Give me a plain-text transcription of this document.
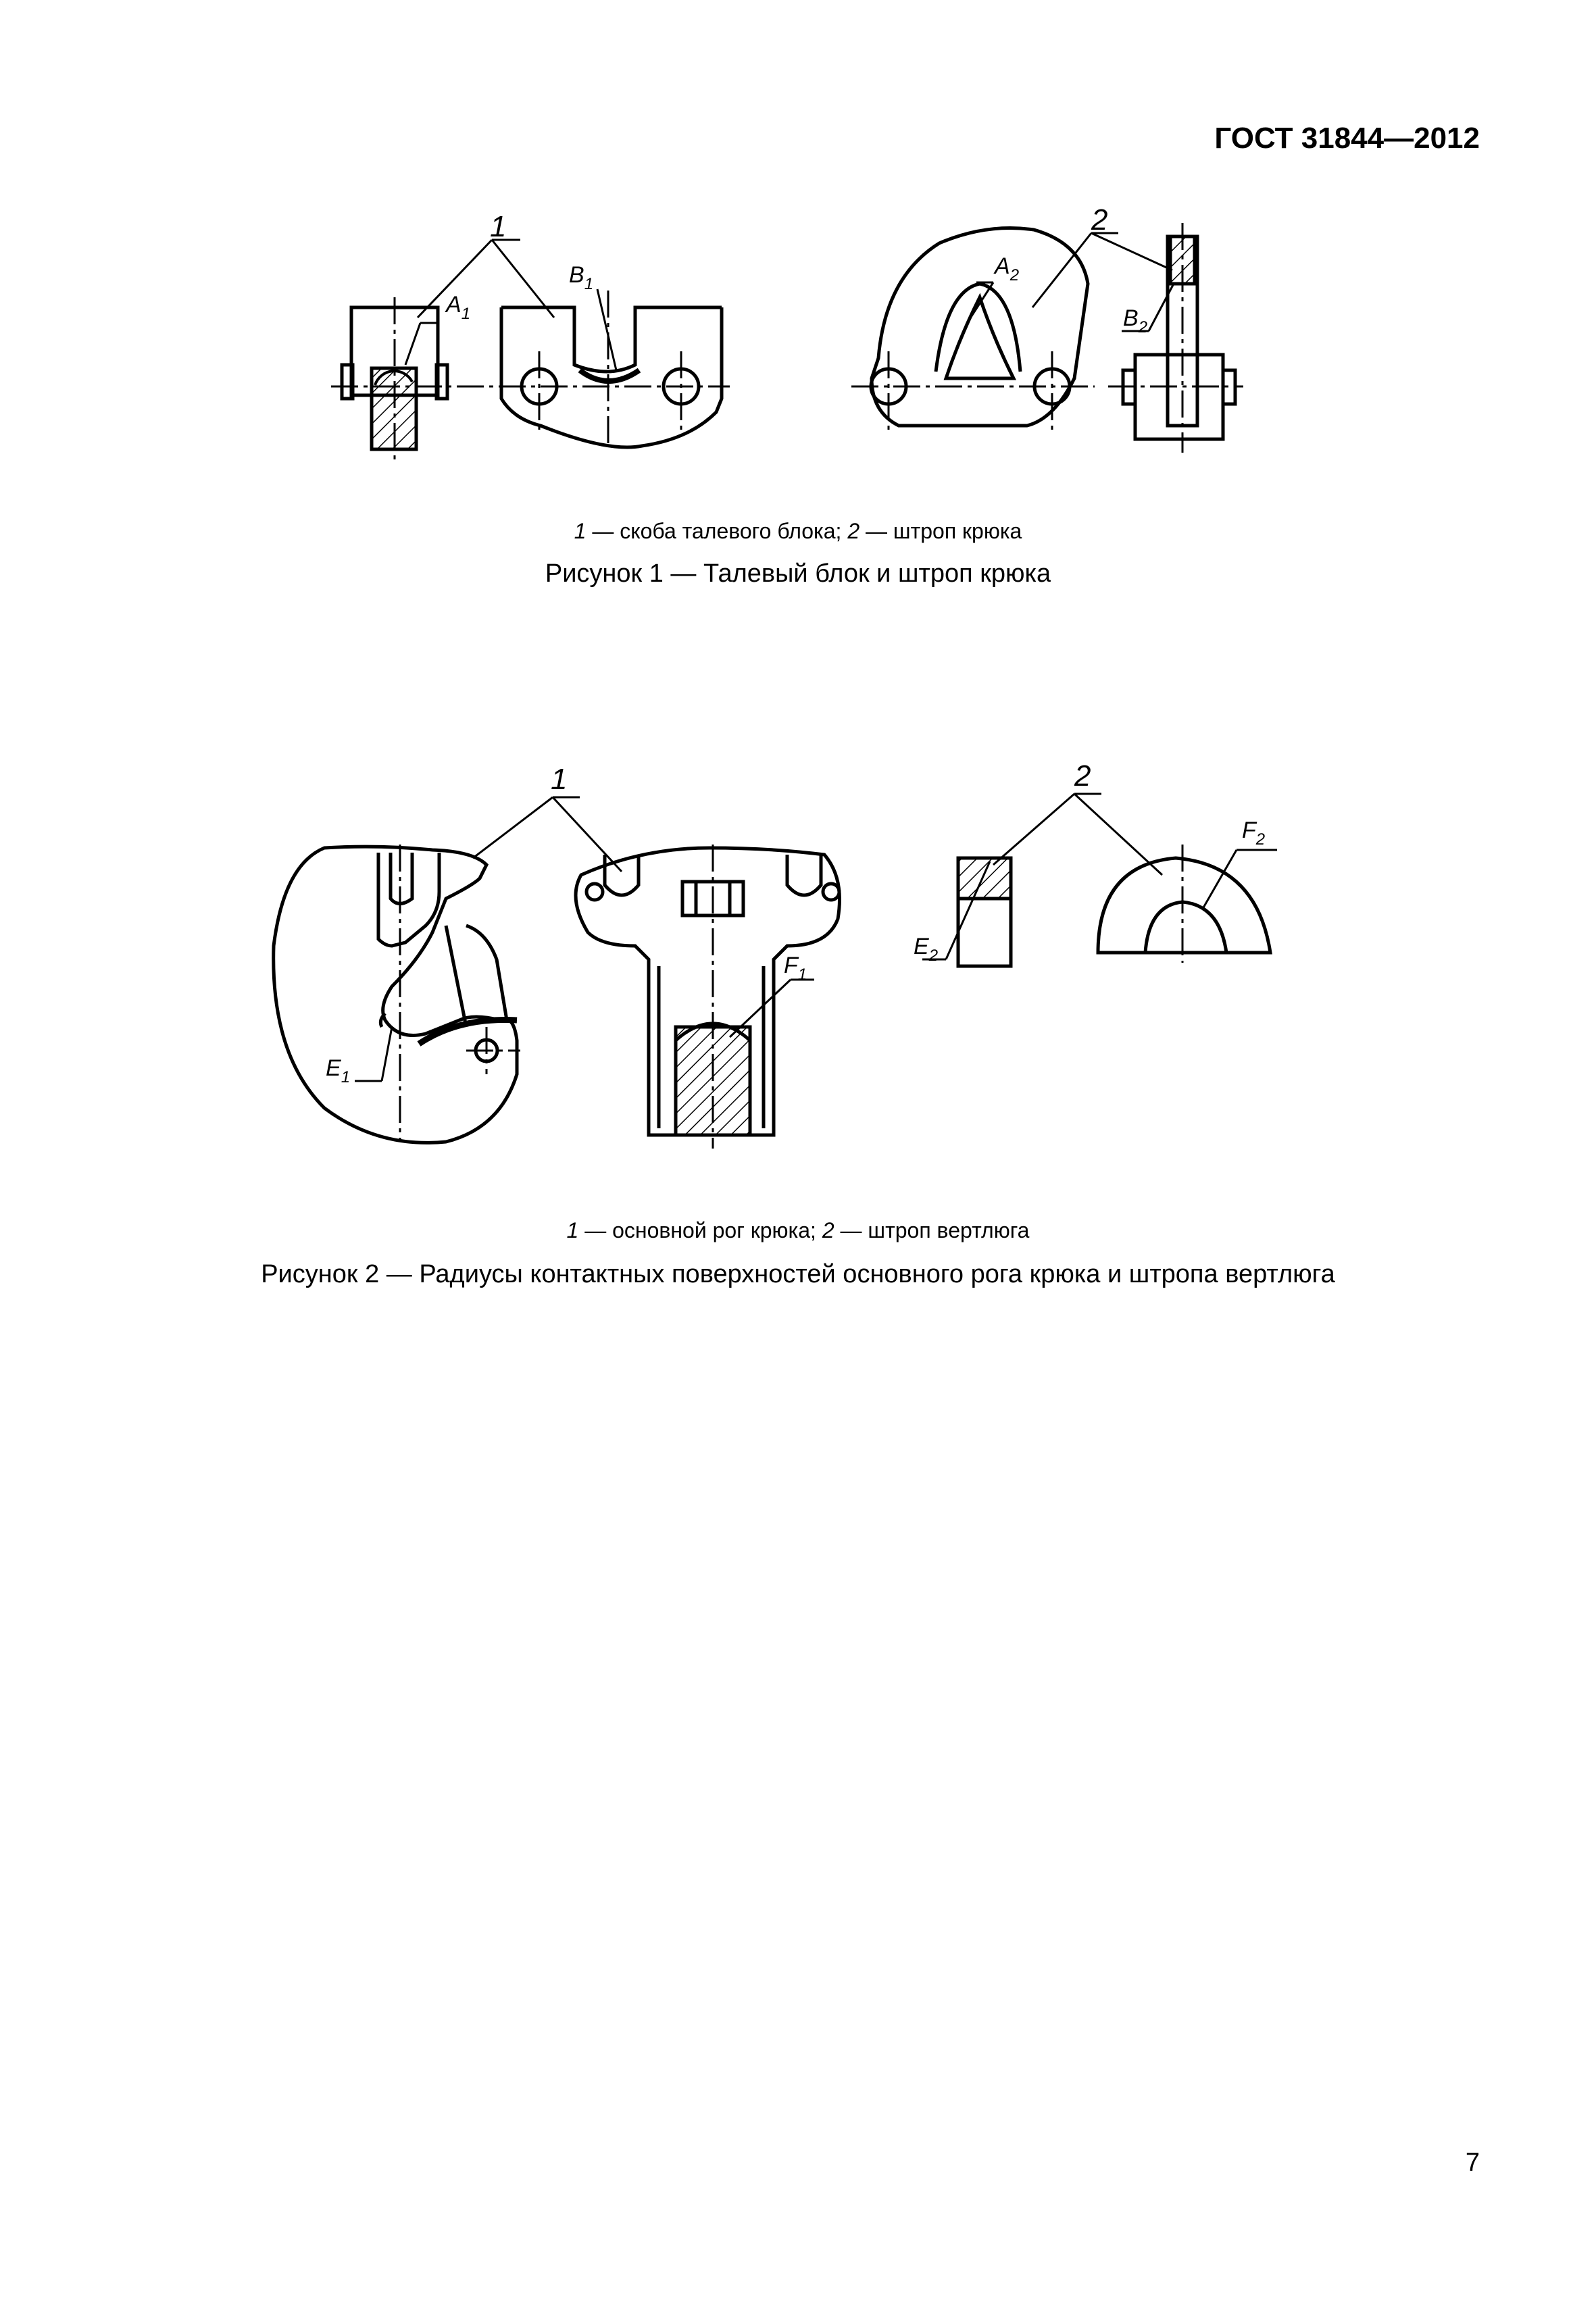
ГОСТ 31844—2012
1	2
$A_1$
$B_1$
$A_2$
$B_2$
1 — скоба талевого блока; 2 — штроп крюка
Рисунок 1 — Талевый блок и штроп крюка
1	2
$E_1$
$F_1$
$E_2$
$F_2$
1 — основной рог крюка; 2 — штроп вертлюга
Рисунок 2 — Радиусы контактных поверхностей основного рога крюка и штропа вертлюга
7
